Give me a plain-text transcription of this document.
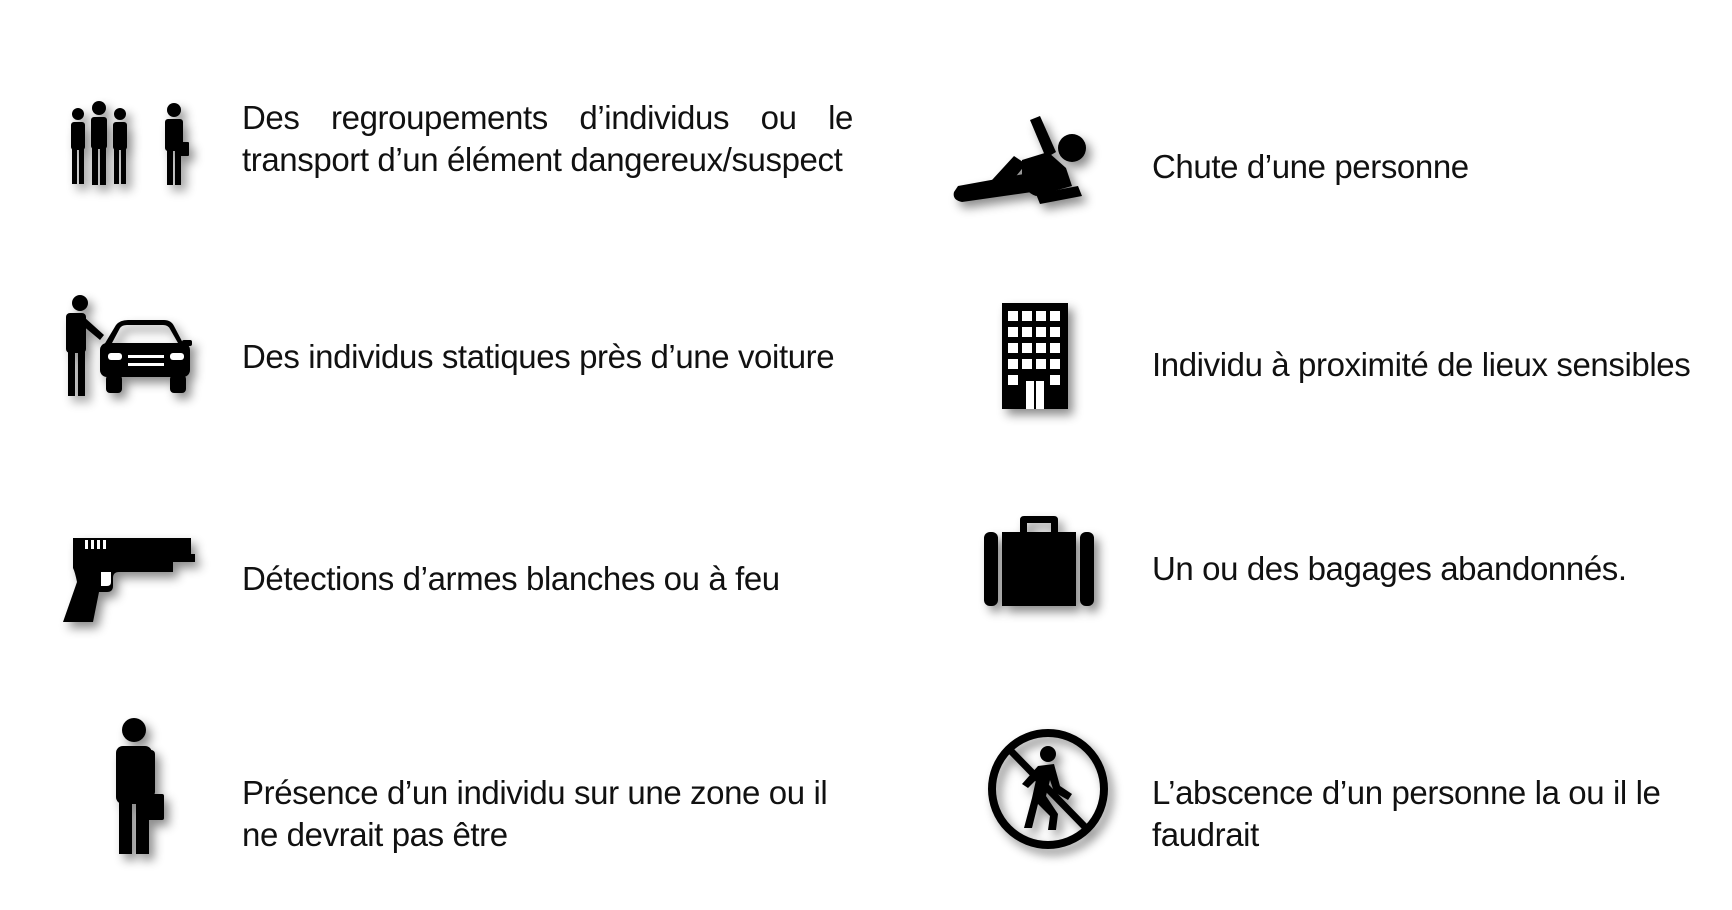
Des regroupements d’individus ou le
transport d’un élément dangereux/suspect
Des individus statiques près d’une voiture
Détections d’armes blanches ou à feu
Présence d’un individu sur une zone ou il
ne devrait pas être
Chute d’une personne
Individu à proximité de lieux sensibles
Un ou des bagages abandonnés.
L’abscence d’un personne la ou il le
faudrait
